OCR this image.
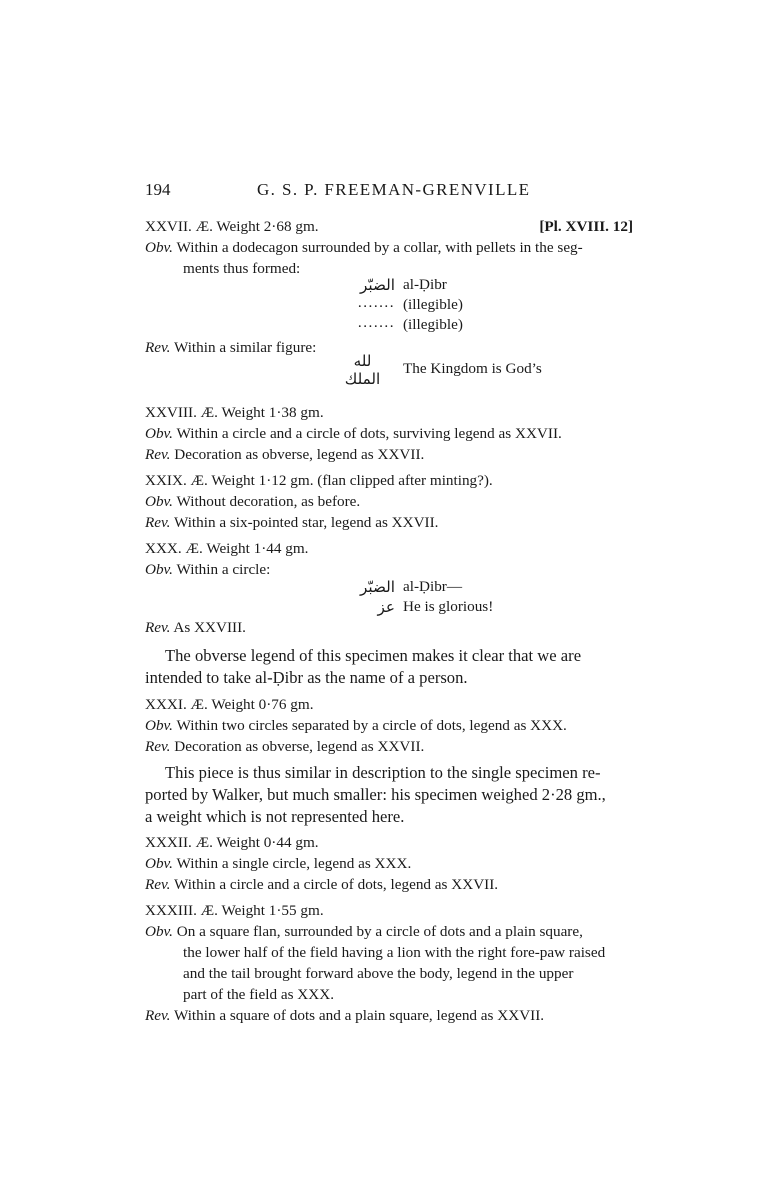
194	G. S. P. FREEMAN-GRENVILLE
XXVII. Æ. Weight 2·68 gm.	[Pl. XVIII. 12]
Obv. Within a dodecagon surrounded by a collar, with pellets in the seg-
ments thus formed:
الضبّر al-Ḍibr
....... (illegible)
....... (illegible)
Rev. Within a similar figure:
لله
الملك
The Kingdom is God’s
XXVIII. Æ. Weight 1·38 gm.
Obv. Within a circle and a circle of dots, surviving legend as XXVII.
Rev. Decoration as obverse, legend as XXVII.
XXIX. Æ. Weight 1·12 gm. (flan clipped after minting?).
Obv. Without decoration, as before.
Rev. Within a six-pointed star, legend as XXVII.
XXX. Æ. Weight 1·44 gm.
Obv. Within a circle:
الضبّر al-Ḍibr—
عز He is glorious!
Rev. As XXVIII.
The obverse legend of this specimen makes it clear that we are
intended to take al-Ḍibr as the name of a person.
XXXI. Æ. Weight 0·76 gm.
Obv. Within two circles separated by a circle of dots, legend as XXX.
Rev. Decoration as obverse, legend as XXVII.
This piece is thus similar in description to the single specimen re-
ported by Walker, but much smaller: his specimen weighed 2·28 gm.,
a weight which is not represented here.
XXXII. Æ. Weight 0·44 gm.
Obv. Within a single circle, legend as XXX.
Rev. Within a circle and a circle of dots, legend as XXVII.
XXXIII. Æ. Weight 1·55 gm.
Obv. On a square flan, surrounded by a circle of dots and a plain square,
the lower half of the field having a lion with the right fore-paw raised
and the tail brought forward above the body, legend in the upper
part of the field as XXX.
Rev. Within a square of dots and a plain square, legend as XXVII.
